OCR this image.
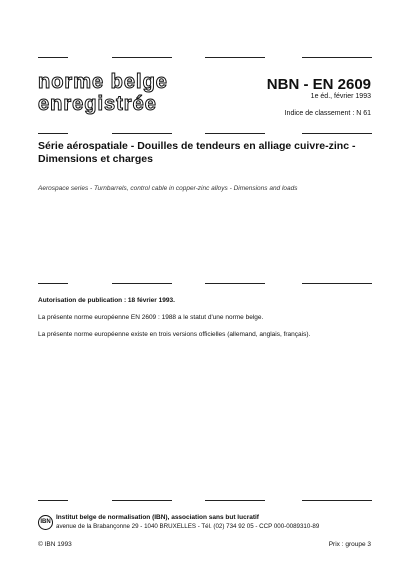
norme belge
enregistrée
NBN - EN 2609
1e éd., février 1993
Indice de classement : N 61
Série aérospatiale - Douilles de tendeurs en alliage cuivre-zinc -
Dimensions et charges
Aerospace series - Turnbarrels, control cable in copper-zinc alloys - Dimensions and loads
Autorisation de publication : 18 février 1993.
La présente norme européenne EN 2609 : 1988 a le statut d'une norme belge.
La présente norme européenne existe en trois versions officielles (allemand, anglais, français).
IBN
Institut belge de normalisation (IBN), association sans but lucratif
avenue de la Brabançonne 29 - 1040 BRUXELLES - Tél. (02) 734 92 05 - CCP 000-0089310-89
© IBN 1993	Prix : groupe 3
